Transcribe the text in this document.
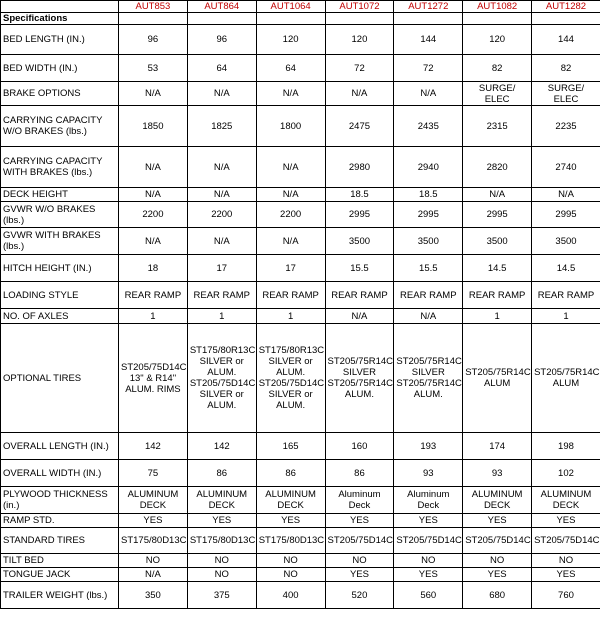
	AUT853	AUT864	AUT1064	AUT1072	AUT1272	AUT1082	AUT1282
Specifications							
BED LENGTH (IN.)	96	96	120	120	144	120	144
BED WIDTH (IN.)	53	64	64	72	72	82	82
BRAKE OPTIONS	N/A	N/A	N/A	N/A	N/A	SURGE/ ELEC	SURGE/ ELEC
CARRYING CAPACITY W/O BRAKES (lbs.)	1850	1825	1800	2475	2435	2315	2235
CARRYING CAPACITY WITH BRAKES (lbs.)	N/A	N/A	N/A	2980	2940	2820	2740
DECK HEIGHT	N/A	N/A	N/A	18.5	18.5	N/A	N/A
GVWR W/O BRAKES (lbs.)	2200	2200	2200	2995	2995	2995	2995
GVWR WITH BRAKES (lbs.)	N/A	N/A	N/A	3500	3500	3500	3500
HITCH HEIGHT (IN.)	18	17	17	15.5	15.5	14.5	14.5
LOADING STYLE	REAR RAMP	REAR RAMP	REAR RAMP	REAR RAMP	REAR RAMP	REAR RAMP	REAR RAMP
NO. OF AXLES	1	1	1	N/A	N/A	1	1
OPTIONAL TIRES	ST205/75D14C 13" & R14" ALUM. RIMS	ST175/80R13C SILVER or ALUM. ST205/75D14C SILVER or ALUM.	ST175/80R13C SILVER or ALUM. ST205/75D14C SILVER or ALUM.	ST205/75R14C SILVER ST205/75R14C ALUM.	ST205/75R14C SILVER ST205/75R14C ALUM.	ST205/75R14C ALUM	ST205/75R14C ALUM
OVERALL LENGTH (IN.)	142	142	165	160	193	174	198
OVERALL WIDTH (IN.)	75	86	86	86	93	93	102
PLYWOOD THICKNESS (in.)	ALUMINUM DECK	ALUMINUM DECK	ALUMINUM DECK	Aluminum Deck	Aluminum Deck	ALUMINUM DECK	ALUMINUM DECK
RAMP STD.	YES	YES	YES	YES	YES	YES	YES
STANDARD TIRES	ST175/80D13C	ST175/80D13C	ST175/80D13C	ST205/75D14C	ST205/75D14C	ST205/75D14C	ST205/75D14C
TILT BED	NO	NO	NO	NO	NO	NO	NO
TONGUE JACK	N/A	NO	NO	YES	YES	YES	YES
TRAILER WEIGHT (lbs.)	350	375	400	520	560	680	760
